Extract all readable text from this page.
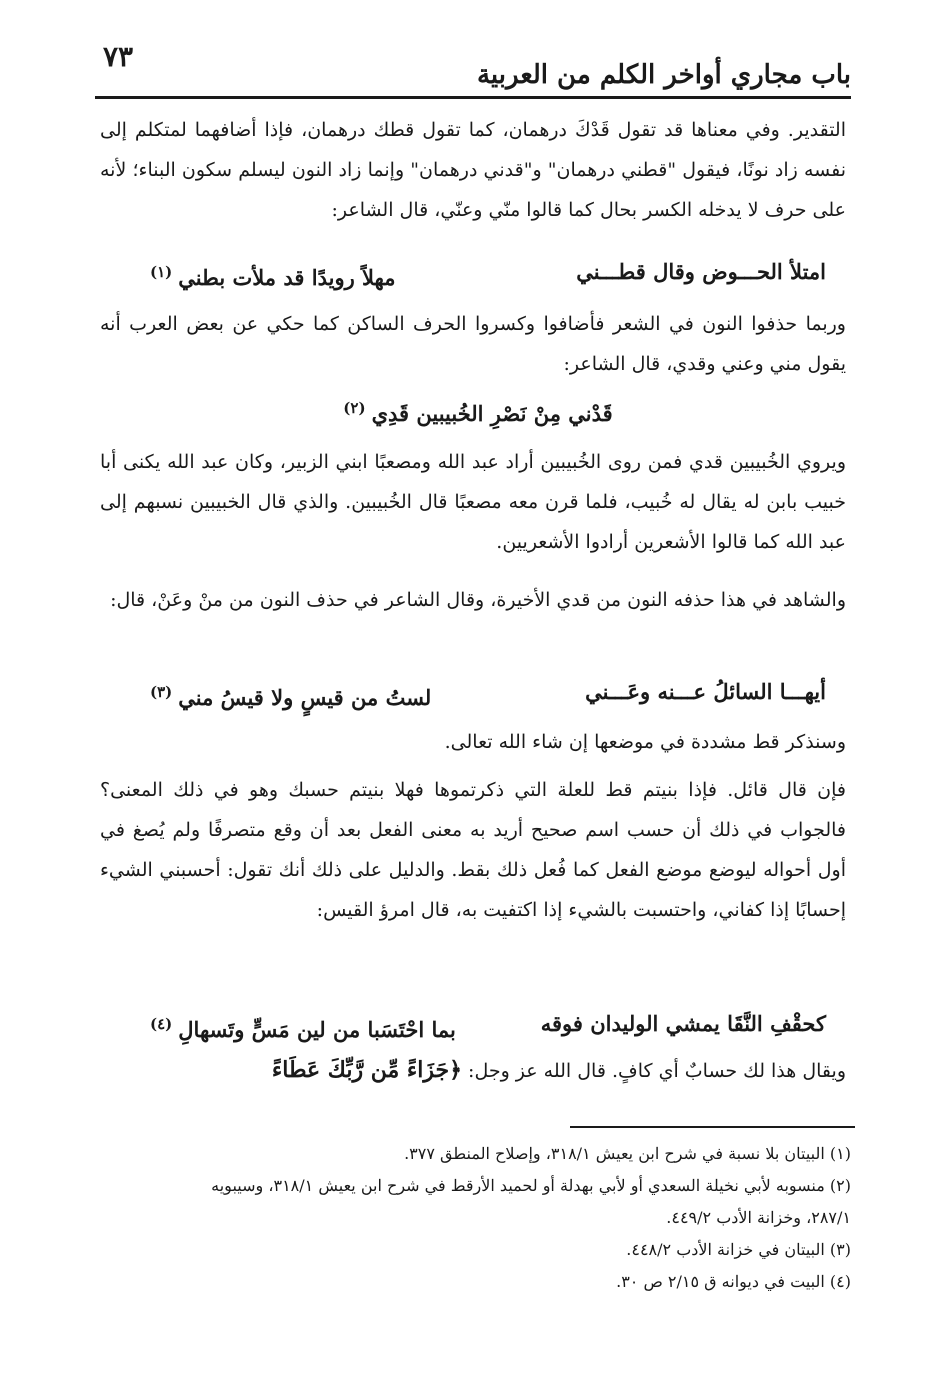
باب مجاري أواخر الكلم من العربية
٧٣
التقدير. وفي معناها قد تقول قَدْكَ درهمان، كما تقول قطك درهمان، فإذا أضافهما لمتكلم إلى نفسه زاد نونًا، فيقول "قطني درهمان" و"قدني درهمان" وإنما زاد النون ليسلم سكون البناء؛ لأنه على حرف لا يدخله الكسر بحال كما قالوا منّي وعنّي، قال الشاعر:
امتلأ الحـــوض وقال قطـــني
مهلاً رويدًا قد ملأت بطني$^{(١)}$
وربما حذفوا النون في الشعر فأضافوا وكسروا الحرف الساكن كما حكي عن بعض العرب أنه يقول مني وعني وقدي، قال الشاعر:
قَدْني مِنْ نَصْرِ الخُبيبين قَدِي$^{(٢)}$
ويروي الخُبيبين قدي فمن روى الخُبيبين أراد عبد الله ومصعبًا ابني الزبير، وكان عبد الله يكنى أبا خبيب بابن له يقال له خُبيب، فلما قرن معه مصعبًا قال الخُبيبين. والذي قال الخبيبين نسبهم إلى عبد الله كما قالوا الأشعرين أرادوا الأشعريين.
والشاهد في هذا حذفه النون من قدي الأخيرة، وقال الشاعر في حذف النون من منْ وعَنْ، قال:
أيهـــا السائلُ عـــنه وعَـــني
لستُ من قيسٍ ولا قيسُ مني$^{(٣)}$
وسنذكر قط مشددة في موضعها إن شاء الله تعالى.
فإن قال قائل. فإذا بنيتم قط للعلة التي ذكرتموها فهلا بنيتم حسبك وهو في ذلك المعنى؟ فالجواب في ذلك أن حسب اسم صحيح أريد به معنى الفعل بعد أن وقع متصرفًا ولم يُصغ في أول أحواله ليوضع موضع الفعل كما فُعل ذلك بقط. والدليل على ذلك أنك تقول: أحسبني الشيء إحسابًا إذا كفاني، واحتسبت بالشيء إذا اكتفيت به، قال امرؤ القيس:
كحقْفِ النَّقَا يمشي الوليدان فوقه
بما احْتَسَبا من لين مَسٍّ وتَسهالِ$^{(٤)}$
ويقال هذا لك حسابٌ أي كافٍ. قال الله عز وجل: ﴿جَزَاءً مِّن رَّبِّكَ عَطَاءً
(١) البيتان بلا نسبة في شرح ابن يعيش ٣١٨/١، وإصلاح المنطق ٣٧٧.
(٢) منسوبه لأبي نخيلة السعدي أو لأبي بهدلة أو لحميد الأرقط في شرح ابن يعيش ٣١٨/١، وسيبويه
٢٨٧/١، وخزانة الأدب ٤٤٩/٢.
(٣) البيتان في خزانة الأدب ٤٤٨/٢.
(٤) البيت في ديوانه ق ٢/١٥ ص ٣٠.
